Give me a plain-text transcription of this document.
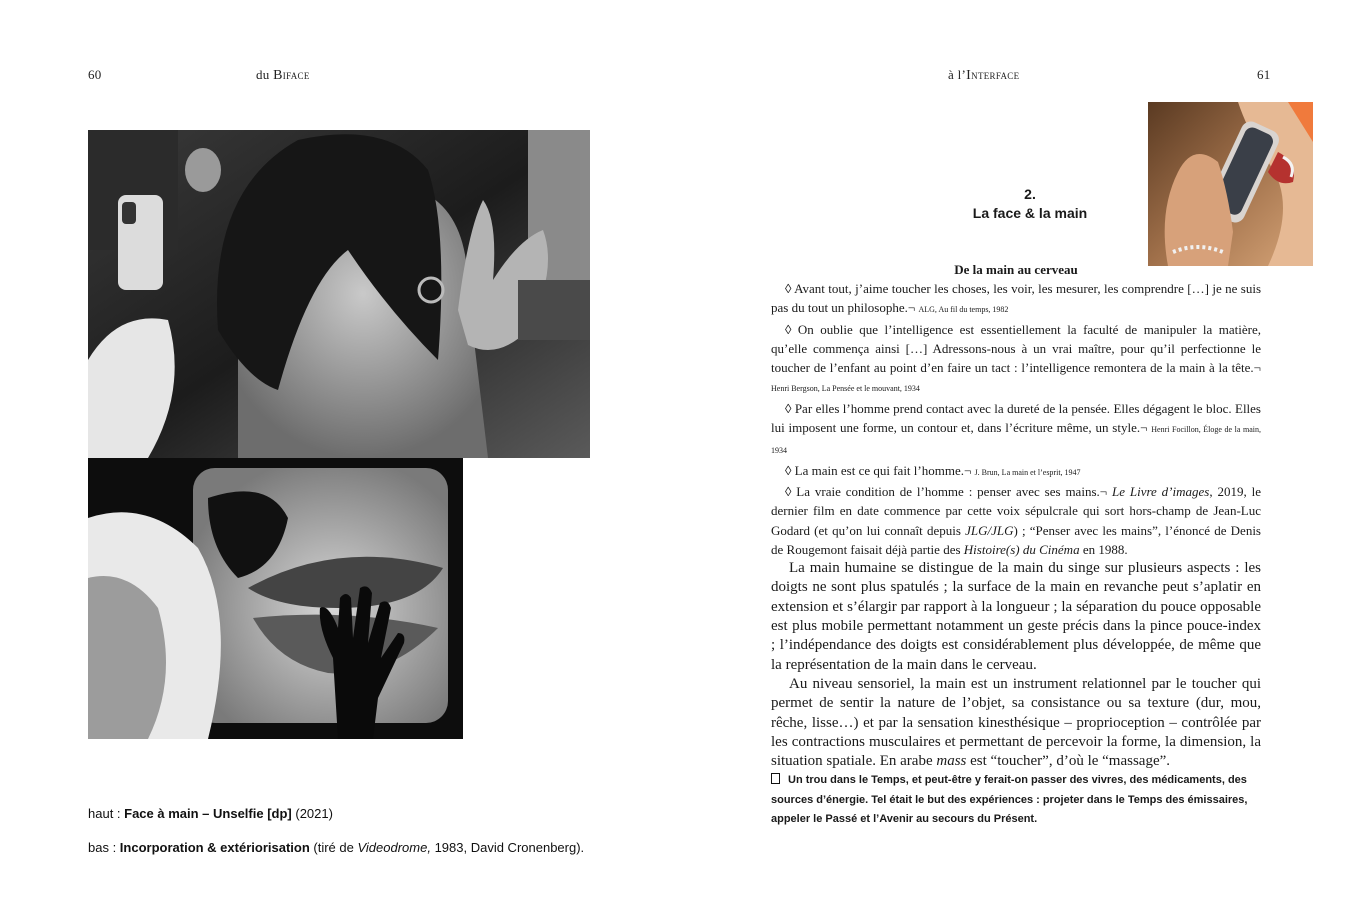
60	du Biface
haut : Face à main – Unselfie [dp] (2021)
bas : Incorporation & extériorisation (tiré de Videodrome, 1983, David Cronenberg).
à l’Interface	61
2.
La face & la main

De la main au cerveau

◊ Avant tout, j’aime toucher les choses, les voir, les mesurer, les comprendre […] je ne suis pas du tout un philosophe.¬ ALG, Au fil du temps, 1982

◊ On oublie que l’intelligence est essentiellement la faculté de manipuler la matière, qu’elle commença ainsi […] Adressons-nous à un vrai maître, pour qu’il perfectionne le toucher de l’enfant au point d’en faire un tact : l’intelligence remontera de la main à la tête.¬ Henri Bergson, La Pensée et le mouvant, 1934

◊ Par elles l’homme prend contact avec la dureté de la pensée. Elles dégagent le bloc. Elles lui imposent une forme, un contour et, dans l’écriture même, un style.¬ Henri Focillon, Éloge de la main, 1934

◊ La main est ce qui fait l’homme.¬ J. Brun, La main et l’esprit, 1947

◊ La vraie condition de l’homme : penser avec ses mains.¬ Le Livre d’images, 2019, le dernier film en date commence par cette voix sépulcrale qui sort hors-champ de Jean-Luc Godard (et qu’on lui connaît depuis JLG/JLG) ; “Penser avec les mains”, l’énoncé de Denis de Rougemont faisait déjà partie des Histoire(s) du Cinéma en 1988.

La main humaine se distingue de la main du singe sur plusieurs aspects : les doigts ne sont plus spatulés ; la surface de la main en revanche peut s’aplatir en extension et s’élargir par rapport à la longueur ; la séparation du pouce opposable est plus mobile permettant notamment un geste précis dans la pince pouce-index ; l’indépendance des doigts est considérablement plus développée, de même que la représentation de la main dans le cerveau.

Au niveau sensoriel, la main est un instrument relationnel par le toucher qui permet de sentir la nature de l’objet, sa consistance ou sa texture (dur, mou, rêche, lisse…) et par la sensation kinesthésique – proprioception – contrôlée par les contractions musculaires et permettant de percevoir la forme, la dimension, la situation spatiale. En arabe mass est “toucher”, d’où le “massage”.

Un trou dans le Temps, et peut-être y ferait-on passer des vivres, des médicaments, des sources d’énergie. Tel était le but des expériences : projeter dans le Temps des émissaires, appeler le Passé et l’Avenir au secours du Présent.
